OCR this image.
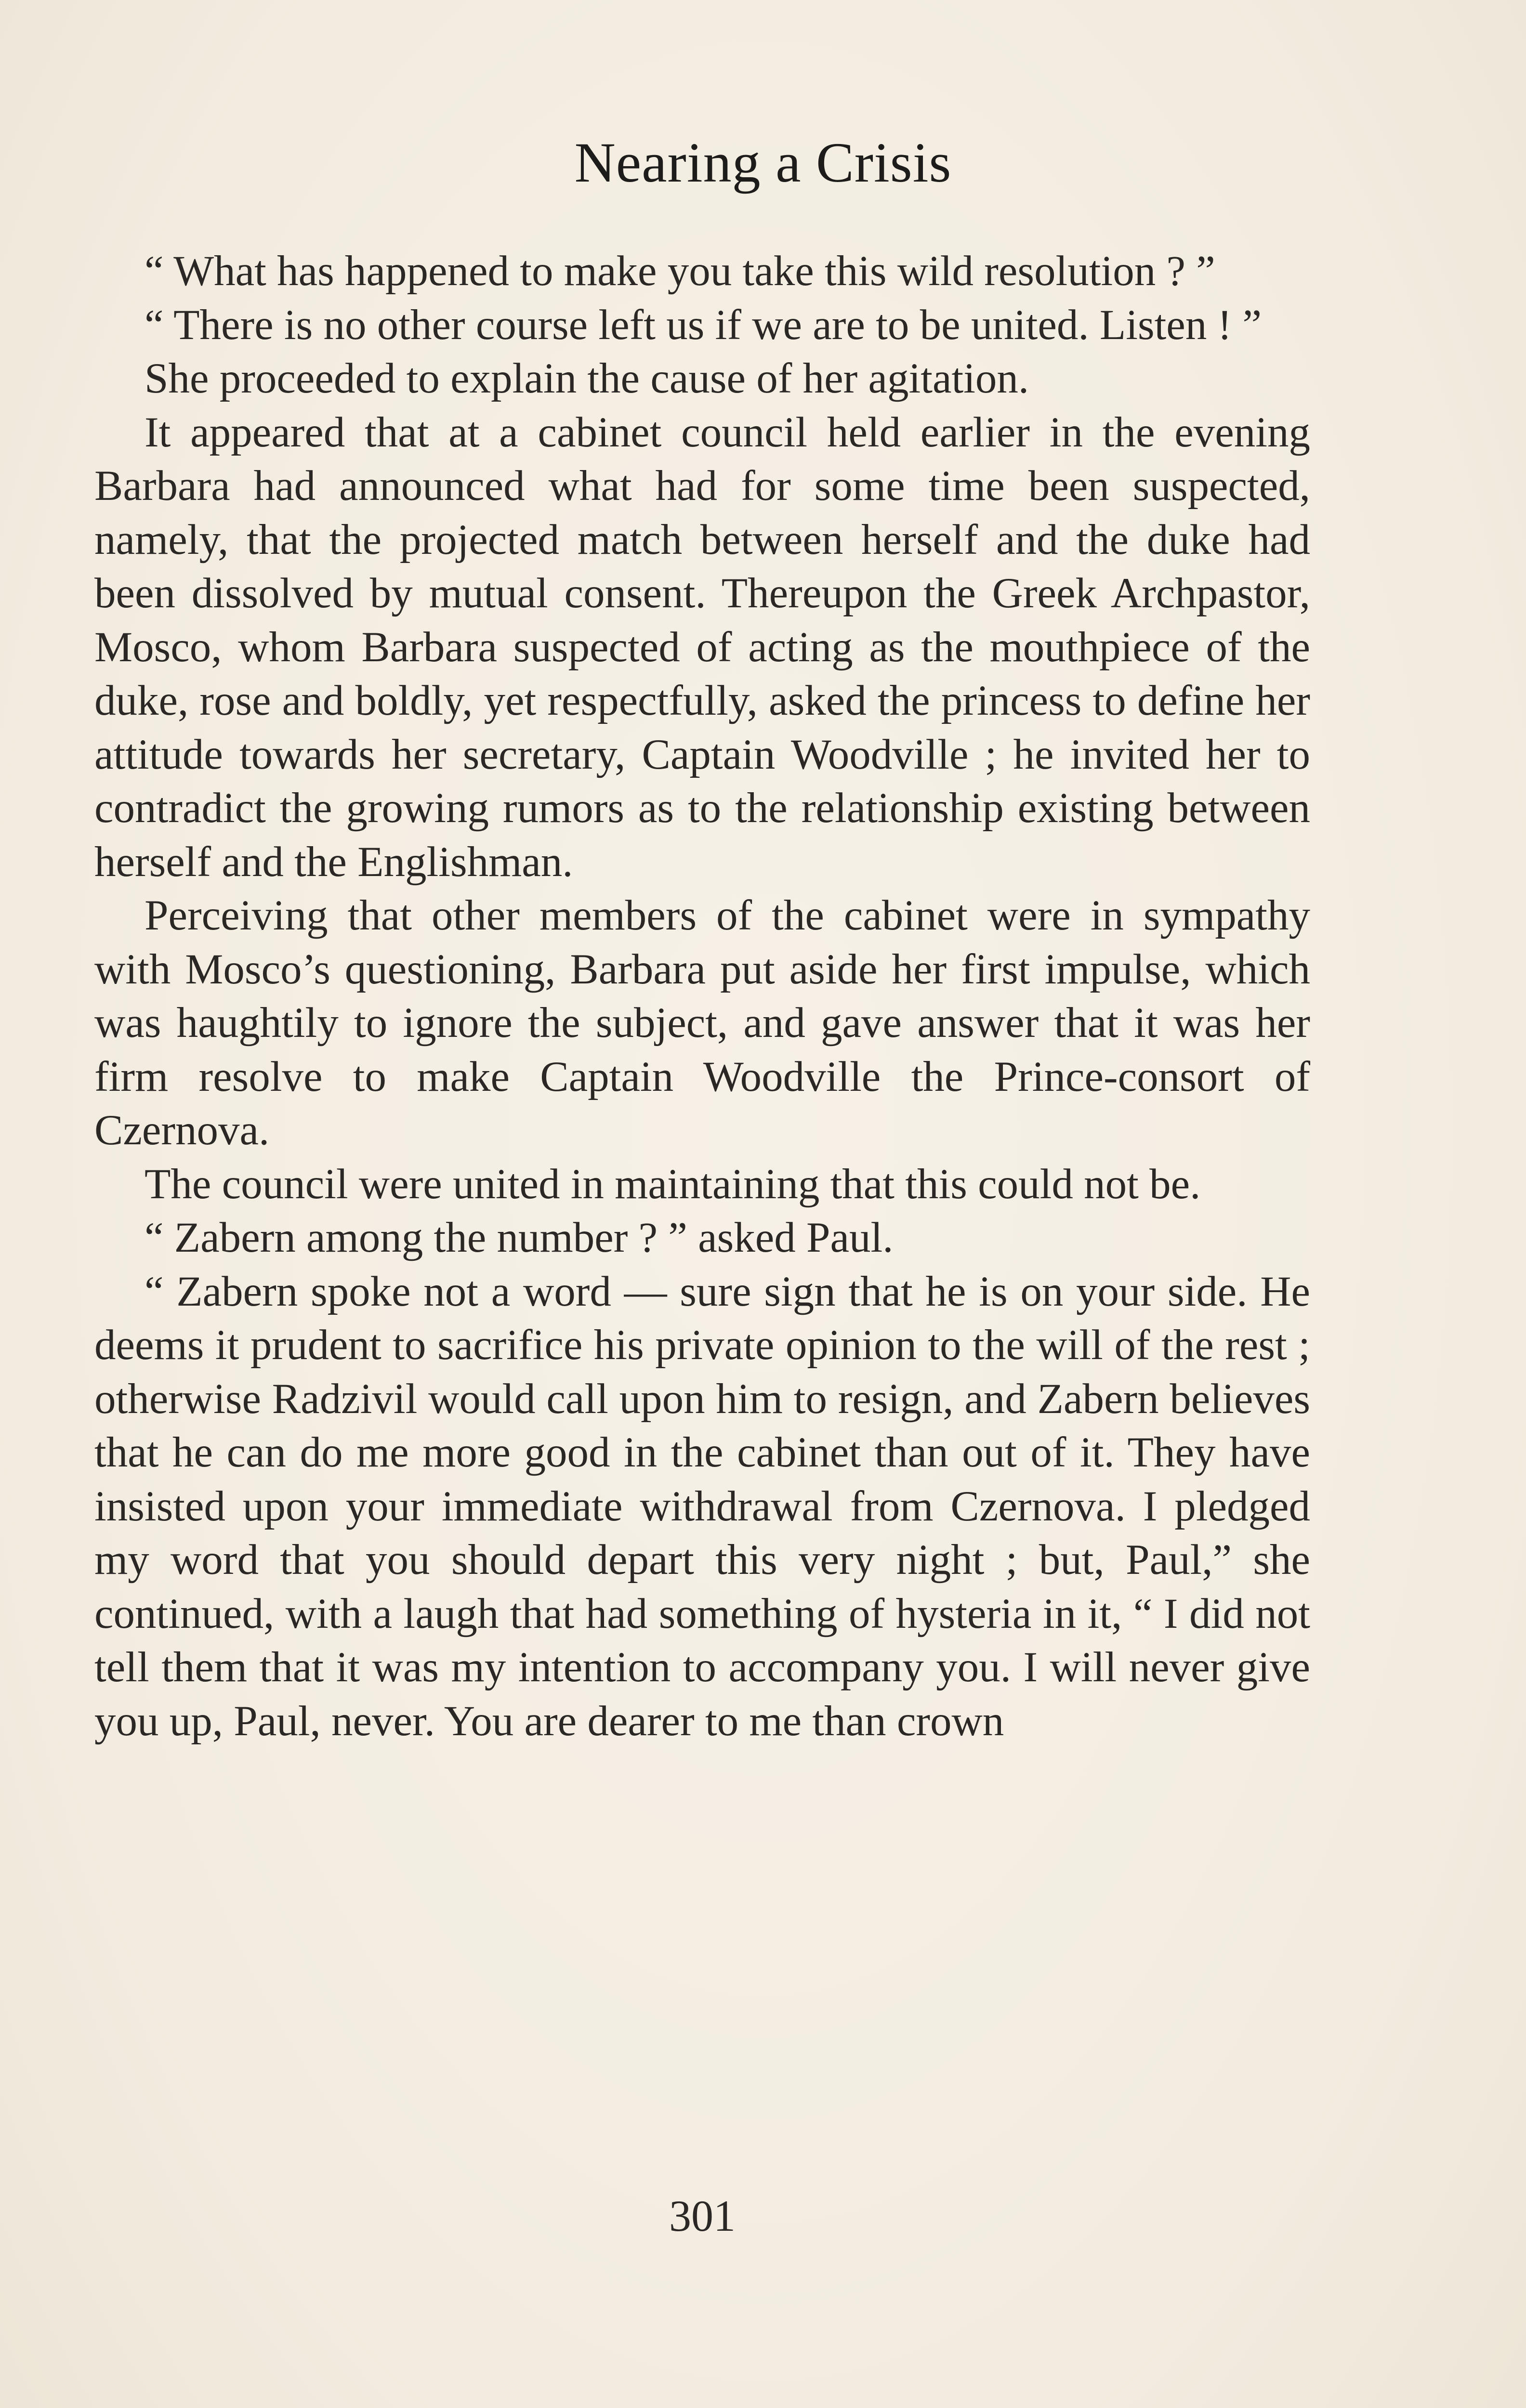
Nearing a Crisis

“ What has happened to make you take this wild resolution ? ”

“ There is no other course left us if we are to be united. Listen ! ”

She proceeded to explain the cause of her agitation.

It appeared that at a cabinet council held earlier in the evening Barbara had announced what had for some time been suspected, namely, that the projected match between herself and the duke had been dissolved by mutual consent. Thereupon the Greek Archpastor, Mosco, whom Barbara suspected of acting as the mouthpiece of the duke, rose and boldly, yet respectfully, asked the princess to define her attitude towards her secretary, Captain Woodville ; he invited her to contradict the growing rumors as to the relationship existing between herself and the Englishman.

Perceiving that other members of the cabinet were in sympathy with Mosco’s questioning, Barbara put aside her first impulse, which was haughtily to ignore the subject, and gave answer that it was her firm resolve to make Captain Woodville the Prince-consort of Czernova.

The council were united in maintaining that this could not be.

“ Zabern among the number ? ” asked Paul.

“ Zabern spoke not a word — sure sign that he is on your side. He deems it prudent to sacrifice his private opinion to the will of the rest ; otherwise Radzivil would call upon him to resign, and Zabern believes that he can do me more good in the cabinet than out of it. They have insisted upon your immediate withdrawal from Czernova. I pledged my word that you should depart this very night ; but, Paul,” she continued, with a laugh that had something of hysteria in it, “ I did not tell them that it was my intention to accompany you. I will never give you up, Paul, never. You are dearer to me than crown

301
